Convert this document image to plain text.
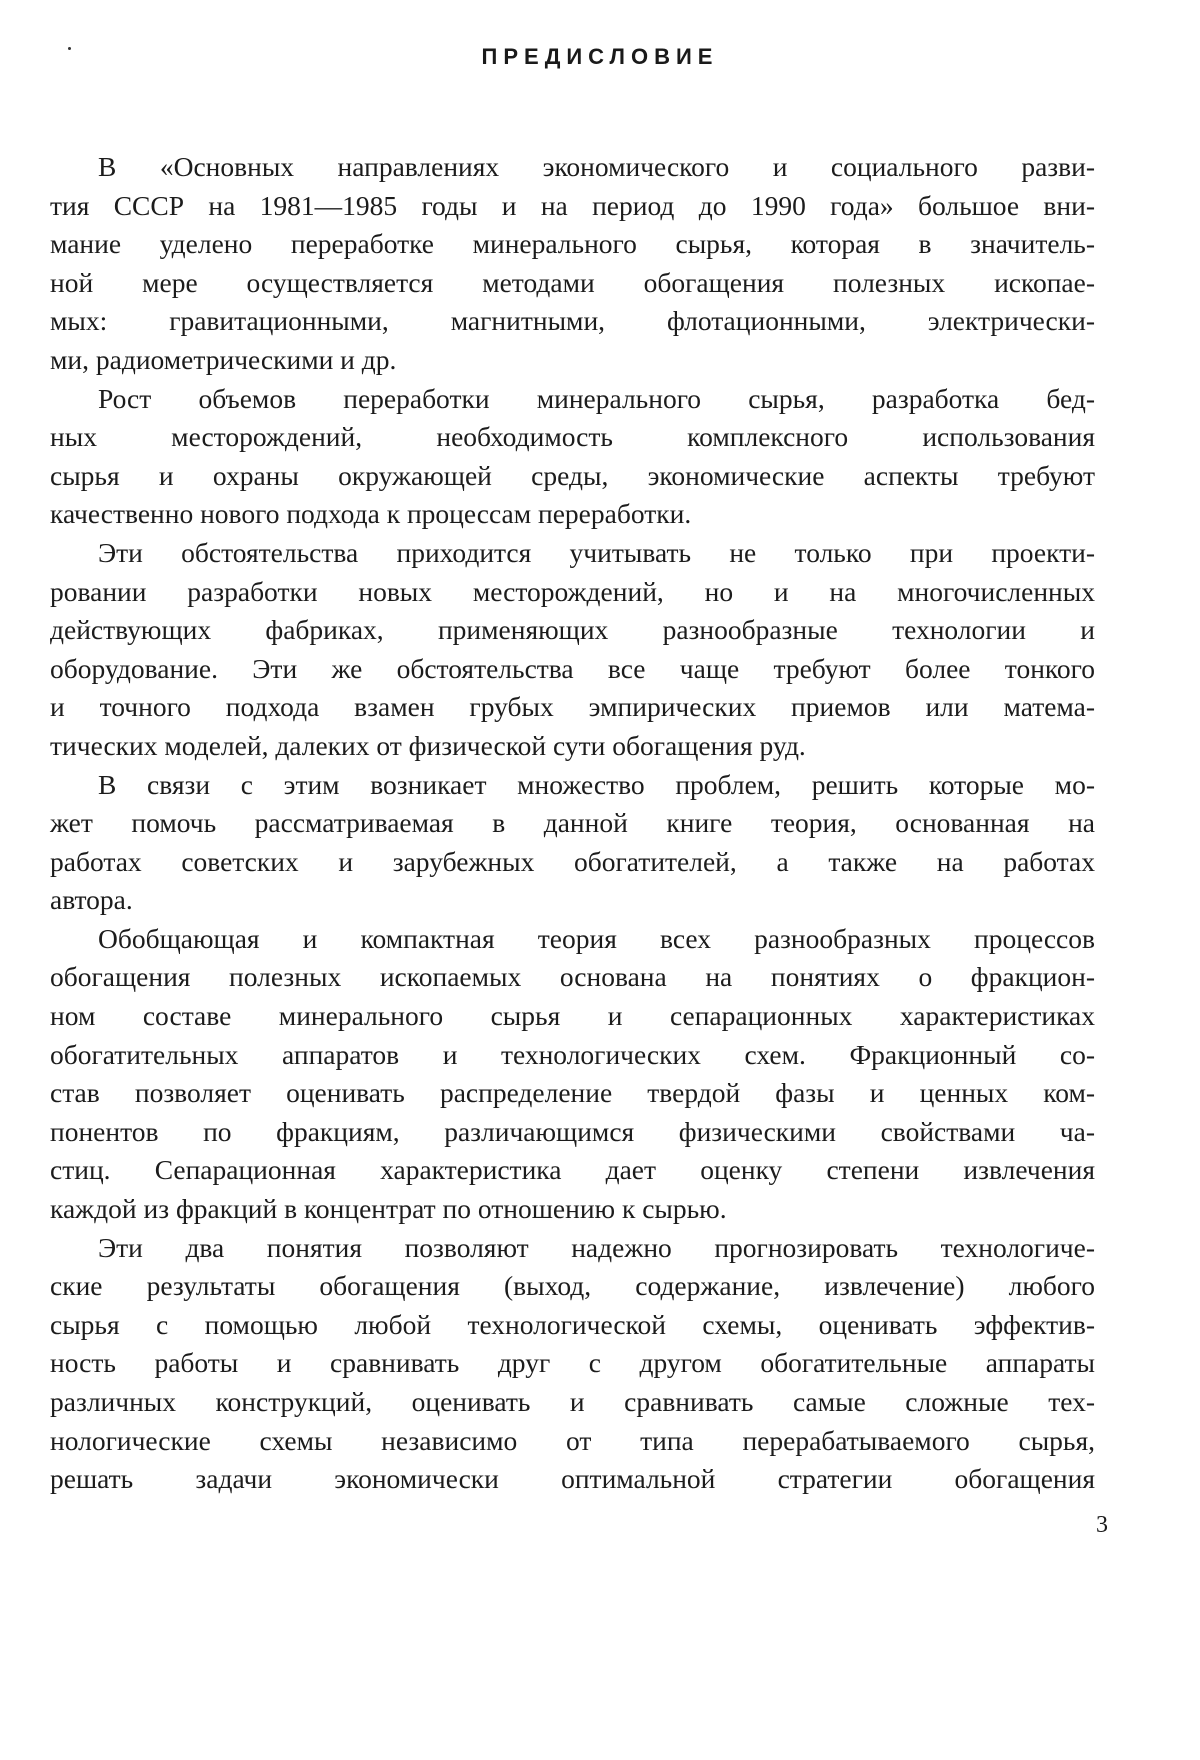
ПРЕДИСЛОВИЕ
В «Основных направлениях экономического и социального разви-
тия СССР на 1981—1985 годы и на период до 1990 года» большое вни-
мание уделено переработке минерального сырья, которая в значитель-
ной мере осуществляется методами обогащения полезных ископае-
мых: гравитационными, магнитными, флотационными, электрически-
ми, радиометрическими и др.
Рост объемов переработки минерального сырья, разработка бед-
ных месторождений, необходимость комплексного использования
сырья и охраны окружающей среды, экономические аспекты требуют
качественно нового подхода к процессам переработки.
Эти обстоятельства приходится учитывать не только при проекти-
ровании разработки новых месторождений, но и на многочисленных
действующих фабриках, применяющих разнообразные технологии и
оборудование. Эти же обстоятельства все чаще требуют более тонкого
и точного подхода взамен грубых эмпирических приемов или матема-
тических моделей, далеких от физической сути обогащения руд.
В связи с этим возникает множество проблем, решить которые мо-
жет помочь рассматриваемая в данной книге теория, основанная на
работах советских и зарубежных обогатителей, а также на работах
автора.
Обобщающая и компактная теория всех разнообразных процессов
обогащения полезных ископаемых основана на понятиях о фракцион-
ном составе минерального сырья и сепарационных характеристиках
обогатительных аппаратов и технологических схем. Фракционный со-
став позволяет оценивать распределение твердой фазы и ценных ком-
понентов по фракциям, различающимся физическими свойствами ча-
стиц. Сепарационная характеристика дает оценку степени извлечения
каждой из фракций в концентрат по отношению к сырью.
Эти два понятия позволяют надежно прогнозировать технологиче-
ские результаты обогащения (выход, содержание, извлечение) любого
сырья с помощью любой технологической схемы, оценивать эффектив-
ность работы и сравнивать друг с другом обогатительные аппараты
различных конструкций, оценивать и сравнивать самые сложные тех-
нологические схемы независимо от типа перерабатываемого сырья,
решать задачи экономически оптимальной стратегии обогащения
3
